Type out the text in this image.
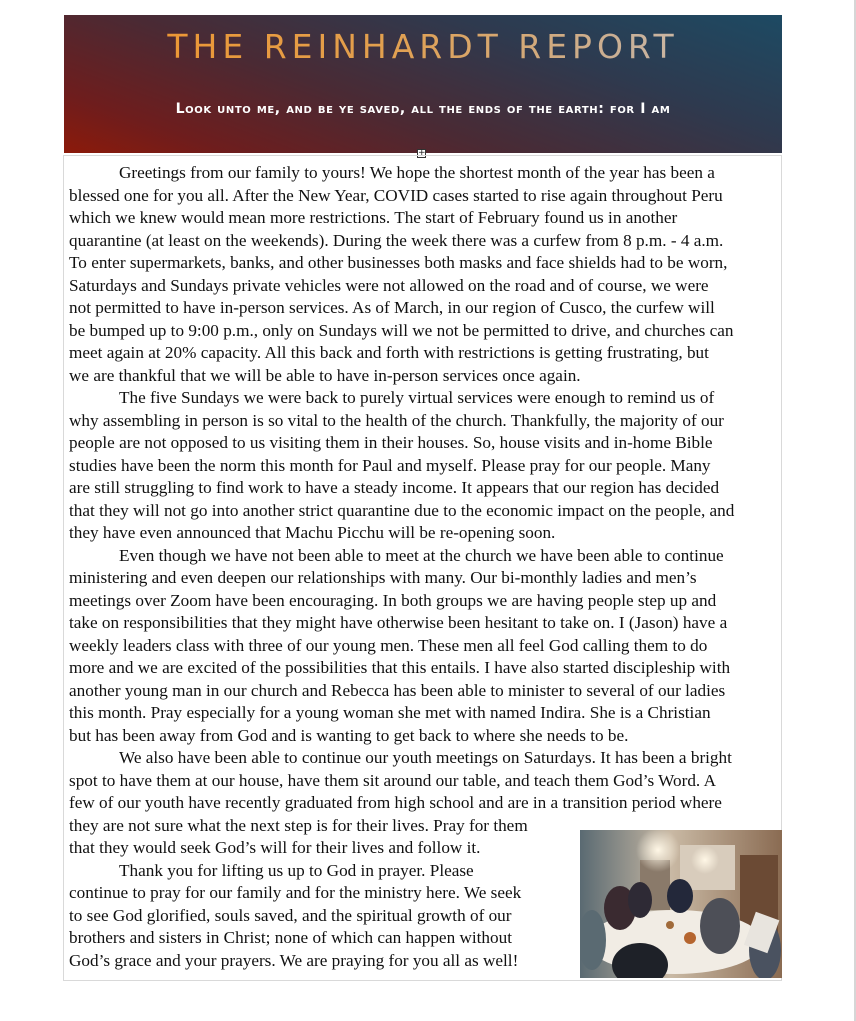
THE REINHARDT REPORT
Look unto me, and be ye saved, all the ends of the earth: for I am
+
Greetings from our family to yours! We hope the shortest month of the year has been a
blessed one for you all. After the New Year, COVID cases started to rise again throughout Peru
which we knew would mean more restrictions. The start of February found us in another
quarantine (at least on the weekends). During the week there was a curfew from 8 p.m. - 4 a.m.
To enter supermarkets, banks, and other businesses both masks and face shields had to be worn,
Saturdays and Sundays private vehicles were not allowed on the road and of course, we were
not permitted to have in-person services. As of March, in our region of Cusco, the curfew will
be bumped up to 9:00 p.m., only on Sundays will we not be permitted to drive, and churches can
meet again at 20% capacity. All this back and forth with restrictions is getting frustrating, but
we are thankful that we will be able to have in-person services once again.
The five Sundays we were back to purely virtual services were enough to remind us of
why assembling in person is so vital to the health of the church. Thankfully, the majority of our
people are not opposed to us visiting them in their houses. So, house visits and in-home Bible
studies have been the norm this month for Paul and myself. Please pray for our people. Many
are still struggling to find work to have a steady income. It appears that our region has decided
that they will not go into another strict quarantine due to the economic impact on the people, and
they have even announced that Machu Picchu will be re-opening soon.
Even though we have not been able to meet at the church we have been able to continue
ministering and even deepen our relationships with many. Our bi-monthly ladies and men’s
meetings over Zoom have been encouraging. In both groups we are having people step up and
take on responsibilities that they might have otherwise been hesitant to take on. I (Jason) have a
weekly leaders class with three of our young men. These men all feel God calling them to do
more and we are excited of the possibilities that this entails. I have also started discipleship with
another young man in our church and Rebecca has been able to minister to several of our ladies
this month. Pray especially for a young woman she met with named Indira. She is a Christian
but has been away from God and is wanting to get back to where she needs to be.
We also have been able to continue our youth meetings on Saturdays. It has been a bright
spot to have them at our house, have them sit around our table, and teach them God’s Word. A
few of our youth have recently graduated from high school and are in a transition period where
they are not sure what the next step is for their lives. Pray for them
that they would seek God’s will for their lives and follow it.
Thank you for lifting us up to God in prayer. Please
continue to pray for our family and for the ministry here. We seek
to see God glorified, souls saved, and the spiritual growth of our
brothers and sisters in Christ; none of which can happen without
God’s grace and your prayers. We are praying for you all as well!
